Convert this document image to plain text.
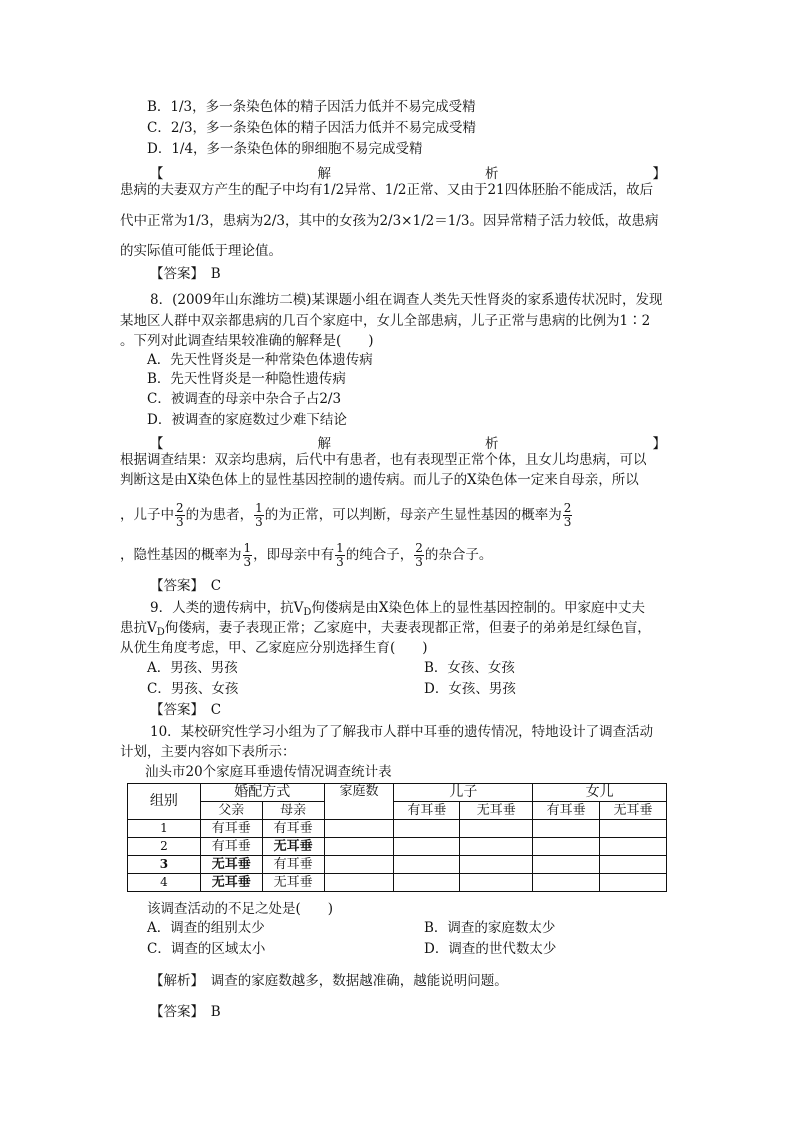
B．1/3，多一条染色体的精子因活力低并不易完成受精
C．2/3，多一条染色体的精子因活力低并不易完成受精
D．1/4，多一条染色体的卵细胞不易完成受精
【	解	析	】
患病的夫妻双方产生的配子中均有1/2异常、1/2正常、又由于21四体胚胎不能成活，故后
代中正常为1/3，患病为2/3，其中的女孩为2/3×1/2＝1/3。因异常精子活力较低，故患病
的实际值可能低于理论值。
【答案】　B
8．(2009年山东潍坊二模)某课题小组在调查人类先天性肾炎的家系遗传状况时，发现
某地区人群中双亲都患病的几百个家庭中，女儿全部患病，儿子正常与患病的比例为1∶2
。下列对此调查结果较准确的解释是(　　)
A．先天性肾炎是一种常染色体遗传病
B．先天性肾炎是一种隐性遗传病
C．被调查的母亲中杂合子占2/3
D．被调查的家庭数过少难下结论
【	解	析	】
根据调查结果：双亲均患病，后代中有患者，也有表现型正常个体，且女儿均患病，可以
判断这是由X染色体上的显性基因控制的遗传病。而儿子的X染色体一定来自母亲，所以
，儿子中 $\frac{2}{3}$ 的为患者， $\frac{1}{3}$ 的为正常，可以判断，母亲产生显性基因的概率为 $\frac{2}{3}$
，隐性基因的概率为 $\frac{1}{3}$ ，即母亲中有 $\frac{1}{3}$ 的纯合子， $\frac{2}{3}$ 的杂合子。
【答案】　C
9．人类的遗传病中，抗$V_D$佝偻病是由X染色体上的显性基因控制的。甲家庭中丈夫
患抗$V_D$佝偻病，妻子表现正常；乙家庭中，夫妻表现都正常，但妻子的弟弟是红绿色盲，
从优生角度考虑，甲、乙家庭应分别选择生育(　　)
A．男孩、男孩	B．女孩、女孩
C．男孩、女孩	D．女孩、男孩
【答案】　C
10．某校研究性学习小组为了了解我市人群中耳垂的遗传情况，特地设计了调查活动
计划，主要内容如下表所示：
汕头市20个家庭耳垂遗传情况调查统计表
组别	婚配方式		家庭数	儿子		女儿	
	父亲	母亲		有耳垂	无耳垂	有耳垂	无耳垂
1	有耳垂	有耳垂					
2	有耳垂	无耳垂					
3	无耳垂	有耳垂					
4	无耳垂	无耳垂					
该调查活动的不足之处是(　　)
A．调查的组别太少	B．调查的家庭数太少
C．调查的区域太小	D．调查的世代数太少
【解析】　调查的家庭数越多，数据越准确，越能说明问题。
【答案】　B
